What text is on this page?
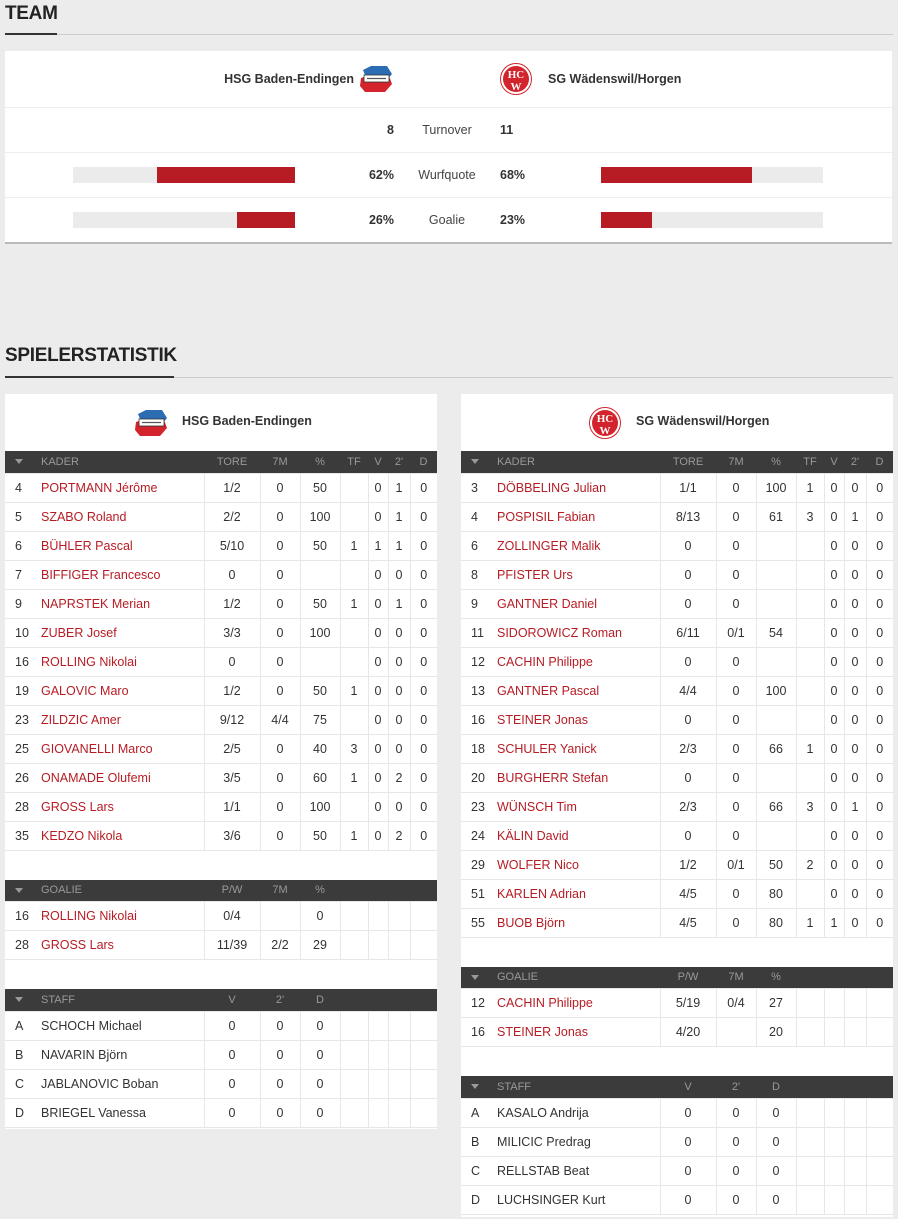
TEAM
HSG Baden-Endingen	HC
W
SG Wädenswil/Horgen
8	Turnover	11
62%	Wurfquote	68%
26%	Goalie	23%
SPIELERSTATISTIK
HSG Baden-Endingen
	KADER	TORE	7M	%	TF	V	2'	D
4	PORTMANN Jérôme	1/2	0	50		0	1	0
5	SZABO Roland	2/2	0	100		0	1	0
6	BÜHLER Pascal	5/10	0	50	1	1	1	0
7	BIFFIGER Francesco	0	0			0	0	0
9	NAPRSTEK Merian	1/2	0	50	1	0	1	0
10	ZUBER Josef	3/3	0	100		0	0	0
16	ROLLING Nikolai	0	0			0	0	0
19	GALOVIC Maro	1/2	0	50	1	0	0	0
23	ZILDZIC Amer	9/12	4/4	75		0	0	0
25	GIOVANELLI Marco	2/5	0	40	3	0	0	0
26	ONAMADE Olufemi	3/5	0	60	1	0	2	0
28	GROSS Lars	1/1	0	100		0	0	0
35	KEDZO Nikola	3/6	0	50	1	0	2	0
	GOALIE	P/W	7M	%				
16	ROLLING Nikolai	0/4		0				
28	GROSS Lars	11/39	2/2	29				
	STAFF	V	2'	D				
A	SCHOCH Michael	0	0	0				
B	NAVARIN Björn	0	0	0				
C	JABLANOVIC Boban	0	0	0				
D	BRIEGEL Vanessa	0	0	0				
HC
W
SG Wädenswil/Horgen
	KADER	TORE	7M	%	TF	V	2'	D
3	DÖBBELING Julian	1/1	0	100	1	0	0	0
4	POSPISIL Fabian	8/13	0	61	3	0	1	0
6	ZOLLINGER Malik	0	0			0	0	0
8	PFISTER Urs	0	0			0	0	0
9	GANTNER Daniel	0	0			0	0	0
11	SIDOROWICZ Roman	6/11	0/1	54		0	0	0
12	CACHIN Philippe	0	0			0	0	0
13	GANTNER Pascal	4/4	0	100		0	0	0
16	STEINER Jonas	0	0			0	0	0
18	SCHULER Yanick	2/3	0	66	1	0	0	0
20	BURGHERR Stefan	0	0			0	0	0
23	WÜNSCH Tim	2/3	0	66	3	0	1	0
24	KÄLIN David	0	0			0	0	0
29	WOLFER Nico	1/2	0/1	50	2	0	0	0
51	KARLEN Adrian	4/5	0	80		0	0	0
55	BUOB Björn	4/5	0	80	1	1	0	0
	GOALIE	P/W	7M	%				
12	CACHIN Philippe	5/19	0/4	27				
16	STEINER Jonas	4/20		20				
	STAFF	V	2'	D				
A	KASALO Andrija	0	0	0				
B	MILICIC Predrag	0	0	0				
C	RELLSTAB Beat	0	0	0				
D	LUCHSINGER Kurt	0	0	0				
